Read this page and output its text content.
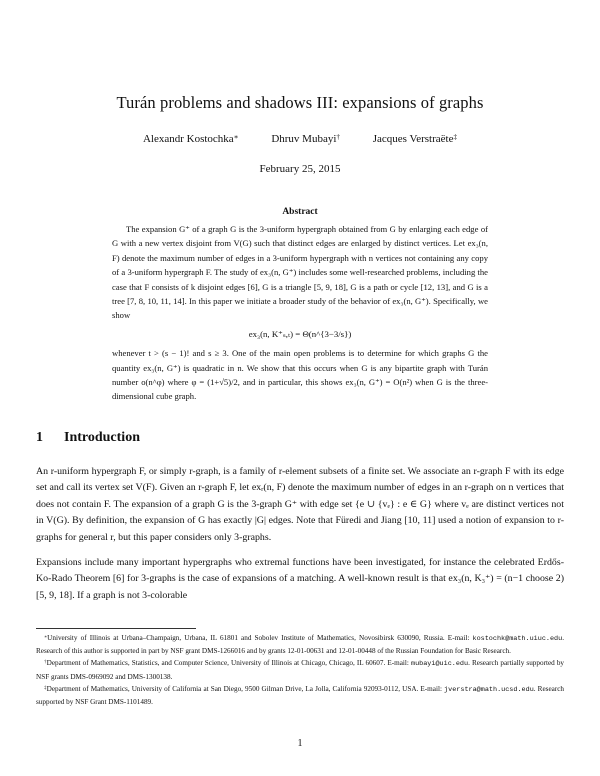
Turán problems and shadows III: expansions of graphs
Alexandr Kostochka∗	Dhruv Mubayi†	Jacques Verstraëte‡
February 25, 2015
Abstract

The expansion G⁺ of a graph G is the 3-uniform hypergraph obtained from G by enlarging each edge of G with a new vertex disjoint from V(G) such that distinct edges are enlarged by distinct vertices. Let ex₃(n, F) denote the maximum number of edges in a 3-uniform hypergraph with n vertices not containing any copy of a 3-uniform hypergraph F. The study of ex₃(n, G⁺) includes some well-researched problems, including the case that F consists of k disjoint edges [6], G is a triangle [5, 9, 18], G is a path or cycle [12, 13], and G is a tree [7, 8, 10, 11, 14]. In this paper we initiate a broader study of the behavior of ex₃(n, G⁺). Specifically, we show

ex₃(n, K⁺ₛ,ₜ) = Θ(n^{3−3/s})

whenever t > (s − 1)! and s ≥ 3. One of the main open problems is to determine for which graphs G the quantity ex₃(n, G⁺) is quadratic in n. We show that this occurs when G is any bipartite graph with Turán number o(n^φ) where φ = (1+√5)/2, and in particular, this shows ex₃(n, G⁺) = O(n²) when G is the three-dimensional cube graph.

1 Introduction

An r-uniform hypergraph F, or simply r-graph, is a family of r-element subsets of a finite set. We associate an r-graph F with its edge set and call its vertex set V(F). Given an r-graph F, let exᵣ(n, F) denote the maximum number of edges in an r-graph on n vertices that does not contain F. The expansion of a graph G is the 3-graph G⁺ with edge set {e ∪ {vₑ} : e ∈ G} where vₑ are distinct vertices not in V(G). By definition, the expansion of G has exactly |G| edges. Note that Füredi and Jiang [10, 11] used a notion of expansion to r-graphs for general r, but this paper considers only 3-graphs.

Expansions include many important hypergraphs who extremal functions have been investigated, for instance the celebrated Erdős-Ko-Rado Theorem [6] for 3-graphs is the case of expansions of a matching. A well-known result is that ex₃(n, K₃⁺) = (n−1 choose 2) [5, 9, 18]. If a graph is not 3-colorable

∗University of Illinois at Urbana–Champaign, Urbana, IL 61801 and Sobolev Institute of Mathematics, Novosibirsk 630090, Russia. E-mail: kostochk@math.uiuc.edu. Research of this author is supported in part by NSF grant DMS-1266016 and by grants 12-01-00631 and 12-01-00448 of the Russian Foundation for Basic Research.

†Department of Mathematics, Statistics, and Computer Science, University of Illinois at Chicago, Chicago, IL 60607. E-mail: mubayi@uic.edu. Research partially supported by NSF grants DMS-0969092 and DMS-1300138.

‡Department of Mathematics, University of California at San Diego, 9500 Gilman Drive, La Jolla, California 92093-0112, USA. E-mail: jverstra@math.ucsd.edu. Research supported by NSF Grant DMS-1101489.

1
